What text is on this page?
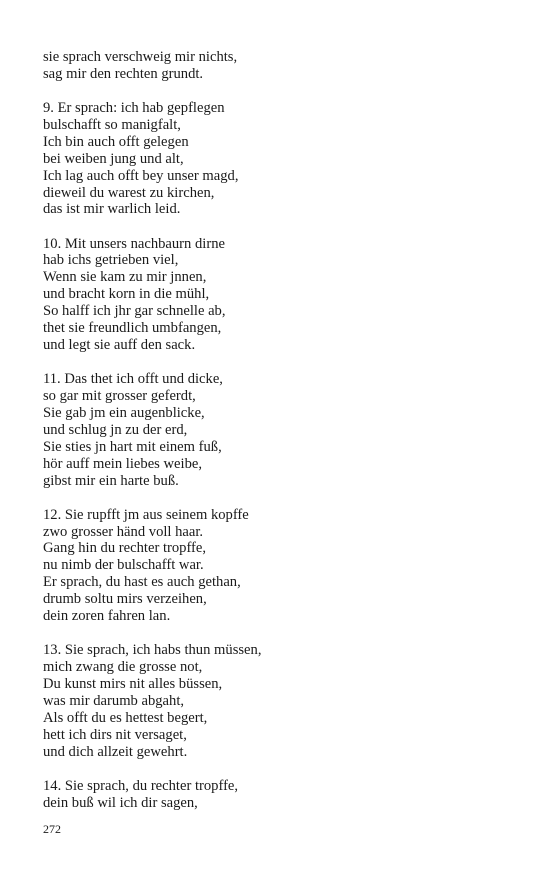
sie sprach verschweig mir nichts,
sag mir den rechten grundt.
9. Er sprach: ich hab gepflegen
bulschafft so manigfalt,
Ich bin auch offt gelegen
bei weiben jung und alt,
Ich lag auch offt bey unser magd,
dieweil du warest zu kirchen,
das ist mir warlich leid.
10. Mit unsers nachbaurn dirne
hab ichs getrieben viel,
Wenn sie kam zu mir jnnen,
und bracht korn in die mühl,
So halff ich jhr gar schnelle ab,
thet sie freundlich umbfangen,
und legt sie auff den sack.
11. Das thet ich offt und dicke,
so gar mit grosser geferdt,
Sie gab jm ein augenblicke,
und schlug jn zu der erd,
Sie sties jn hart mit einem fuß,
hör auff mein liebes weibe,
gibst mir ein harte buß.
12. Sie rupfft jm aus seinem kopffe
zwo grosser händ voll haar.
Gang hin du rechter tropffe,
nu nimb der bulschafft war.
Er sprach, du hast es auch gethan,
drumb soltu mirs verzeihen,
dein zoren fahren lan.
13. Sie sprach, ich habs thun müssen,
mich zwang die grosse not,
Du kunst mirs nit alles büssen,
was mir darumb abgaht,
Als offt du es hettest begert,
hett ich dirs nit versaget,
und dich allzeit gewehrt.
14. Sie sprach, du rechter tropffe,
dein buß wil ich dir sagen,
272
